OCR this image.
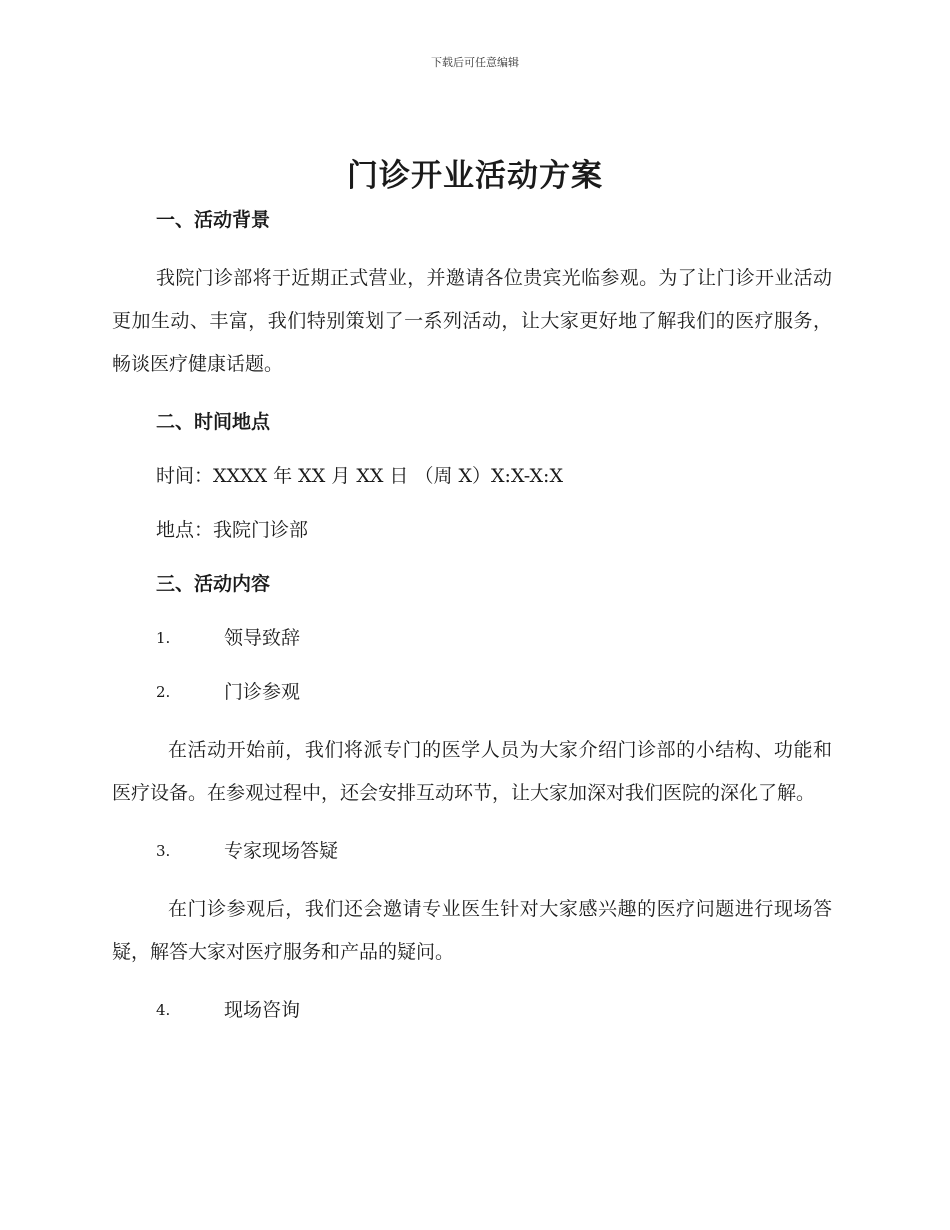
下载后可任意编辑
门诊开业活动方案
一、活动背景
我院门诊部将于近期正式营业，并邀请各位贵宾光临参观。为了让门诊开业活动更加生动、丰富，我们特别策划了一系列活动，让大家更好地了解我们的医疗服务，畅谈医疗健康话题。
二、时间地点
时间：XXXX 年 XX 月 XX 日 （周 X）X:X-X:X
地点：我院门诊部
三、活动内容
1.	领导致辞
2.	门诊参观
在活动开始前，我们将派专门的医学人员为大家介绍门诊部的小结构、功能和医疗设备。在参观过程中，还会安排互动环节，让大家加深对我们医院的深化了解。
3.	专家现场答疑
在门诊参观后，我们还会邀请专业医生针对大家感兴趣的医疗问题进行现场答疑，解答大家对医疗服务和产品的疑问。
4.	现场咨询
